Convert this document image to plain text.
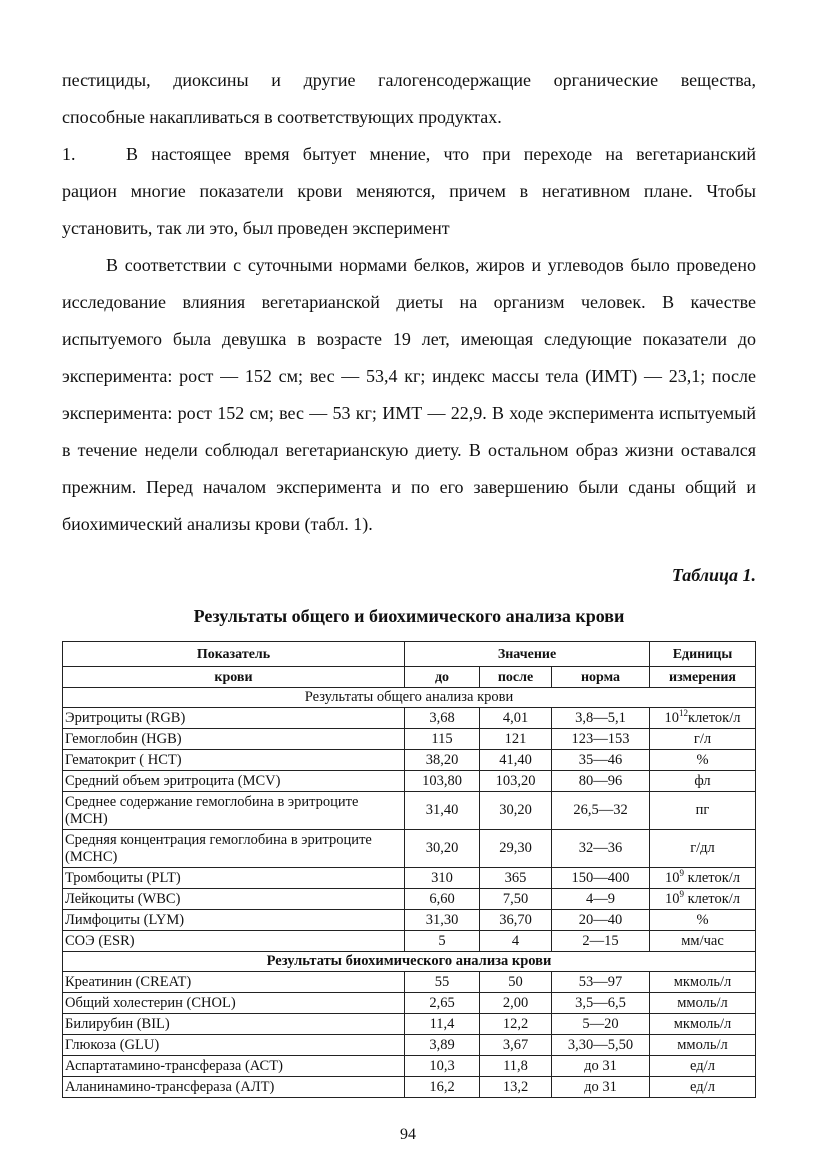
пестициды, диоксины и другие галогенсодержащие органические вещества,

способные накапливаться в соответствующих продуктах.

1.	В настоящее время бытует мнение, что при переходе на вегетарианский

рацион многие показатели крови меняются, причем в негативном плане. Чтобы установить, так ли это, был проведен эксперимент

В соответствии с суточными нормами белков, жиров и углеводов было проведено исследование влияния вегетарианской диеты на организм человек. В качестве испытуемого была девушка в возрасте 19 лет, имеющая следующие показатели до эксперимента: рост — 152 см; вес — 53,4 кг; индекс массы тела (ИМТ) — 23,1; после эксперимента: рост 152 см; вес — 53 кг; ИМТ — 22,9. В ходе эксперимента испытуемый в течение недели соблюдал вегетарианскую диету. В остальном образ жизни оставался прежним. Перед началом эксперимента и по его завершению были сданы общий и биохимический анализы крови (табл. 1).

Таблица 1.
Результаты общего и биохимического анализа крови
Показатель	Значение			Единицы
крови	до	после	норма	измерения
Результаты общего анализа крови				
Эритроциты (RGB)	3,68	4,01	3,8—5,1	$10^{12}клеток/л$
Гемоглобин (HGB)	115	121	123—153	г/л
Гематокрит ( HCT)	38,20	41,40	35—46	%
Средний объем эритроцита (MCV)	103,80	103,20	80—96	фл
Среднее содержание гемоглобина в эритроците (MCH)	31,40	30,20	26,5—32	пг
Средняя концентрация гемоглобина в эритроците (MCHC)	30,20	29,30	32—36	г/дл
Тромбоциты (PLT)	310	365	150—400	$10^9$ клеток/л
Лейкоциты (WBC)	6,60	7,50	4—9	$10^9$ клеток/л
Лимфоциты (LYM)	31,30	36,70	20—40	%
СОЭ (ESR)	5	4	2—15	мм/час
Результаты биохимического анализа крови				
Креатинин (CREAT)	55	50	53—97	мкмоль/л
Общий холестерин (CHOL)	2,65	2,00	3,5—6,5	ммоль/л
Билирубин (BIL)	11,4	12,2	5—20	мкмоль/л
Глюкоза (GLU)	3,89	3,67	3,30—5,50	ммоль/л
Аспартатамино-трансфераза (АСТ)	10,3	11,8	до 31	ед/л
Аланинамино-трансфераза (АЛТ)	16,2	13,2	до 31	ед/л
94
